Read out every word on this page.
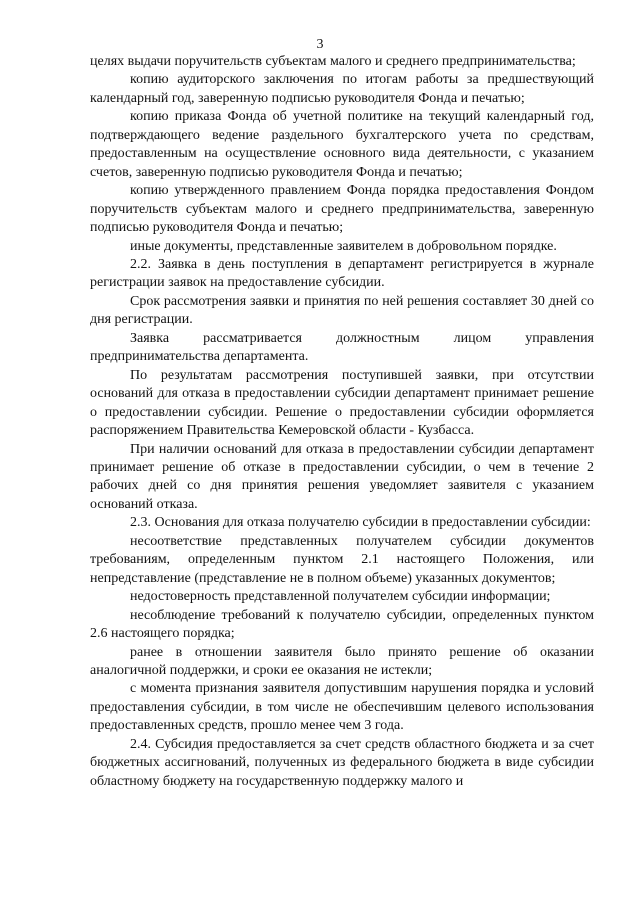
3

целях выдачи поручительств субъектам малого и среднего предпринимательства;

копию аудиторского заключения по итогам работы за предшествующий календарный год, заверенную подписью руководителя Фонда и печатью;

копию приказа Фонда об учетной политике на текущий календарный год, подтверждающего ведение раздельного бухгалтерского учета по средствам, предоставленным на осуществление основного вида деятельности, с указанием счетов, заверенную подписью руководителя Фонда и печатью;

копию утвержденного правлением Фонда порядка предоставления Фондом поручительств субъектам малого и среднего предпринимательства, заверенную подписью руководителя Фонда и печатью;

иные документы, представленные заявителем в добровольном порядке.

2.2. Заявка в день поступления в департамент регистрируется в журнале регистрации заявок на предоставление субсидии.

Срок рассмотрения заявки и принятия по ней решения составляет 30 дней со дня регистрации.

Заявка рассматривается должностным лицом управления предпринимательства департамента.

По результатам рассмотрения поступившей заявки, при отсутствии оснований для отказа в предоставлении субсидии департамент принимает решение о предоставлении субсидии. Решение о предоставлении субсидии оформляется распоряжением Правительства Кемеровской области - Кузбасса.

При наличии оснований для отказа в предоставлении субсидии департамент принимает решение об отказе в предоставлении субсидии, о чем в течение 2 рабочих дней со дня принятия решения уведомляет заявителя с указанием оснований отказа.

2.3. Основания для отказа получателю субсидии в предоставлении субсидии:

несоответствие представленных получателем субсидии документов требованиям, определенным пунктом 2.1 настоящего Положения, или непредставление (представление не в полном объеме) указанных документов;

недостоверность представленной получателем субсидии информации;

несоблюдение требований к получателю субсидии, определенных пунктом 2.6 настоящего порядка;

ранее в отношении заявителя было принято решение об оказании аналогичной поддержки, и сроки ее оказания не истекли;

с момента признания заявителя допустившим нарушения порядка и условий предоставления субсидии, в том числе не обеспечившим целевого использования предоставленных средств, прошло менее чем 3 года.

2.4. Субсидия предоставляется за счет средств областного бюджета и за счет бюджетных ассигнований, полученных из федерального бюджета в виде субсидии областному бюджету на государственную поддержку малого и
